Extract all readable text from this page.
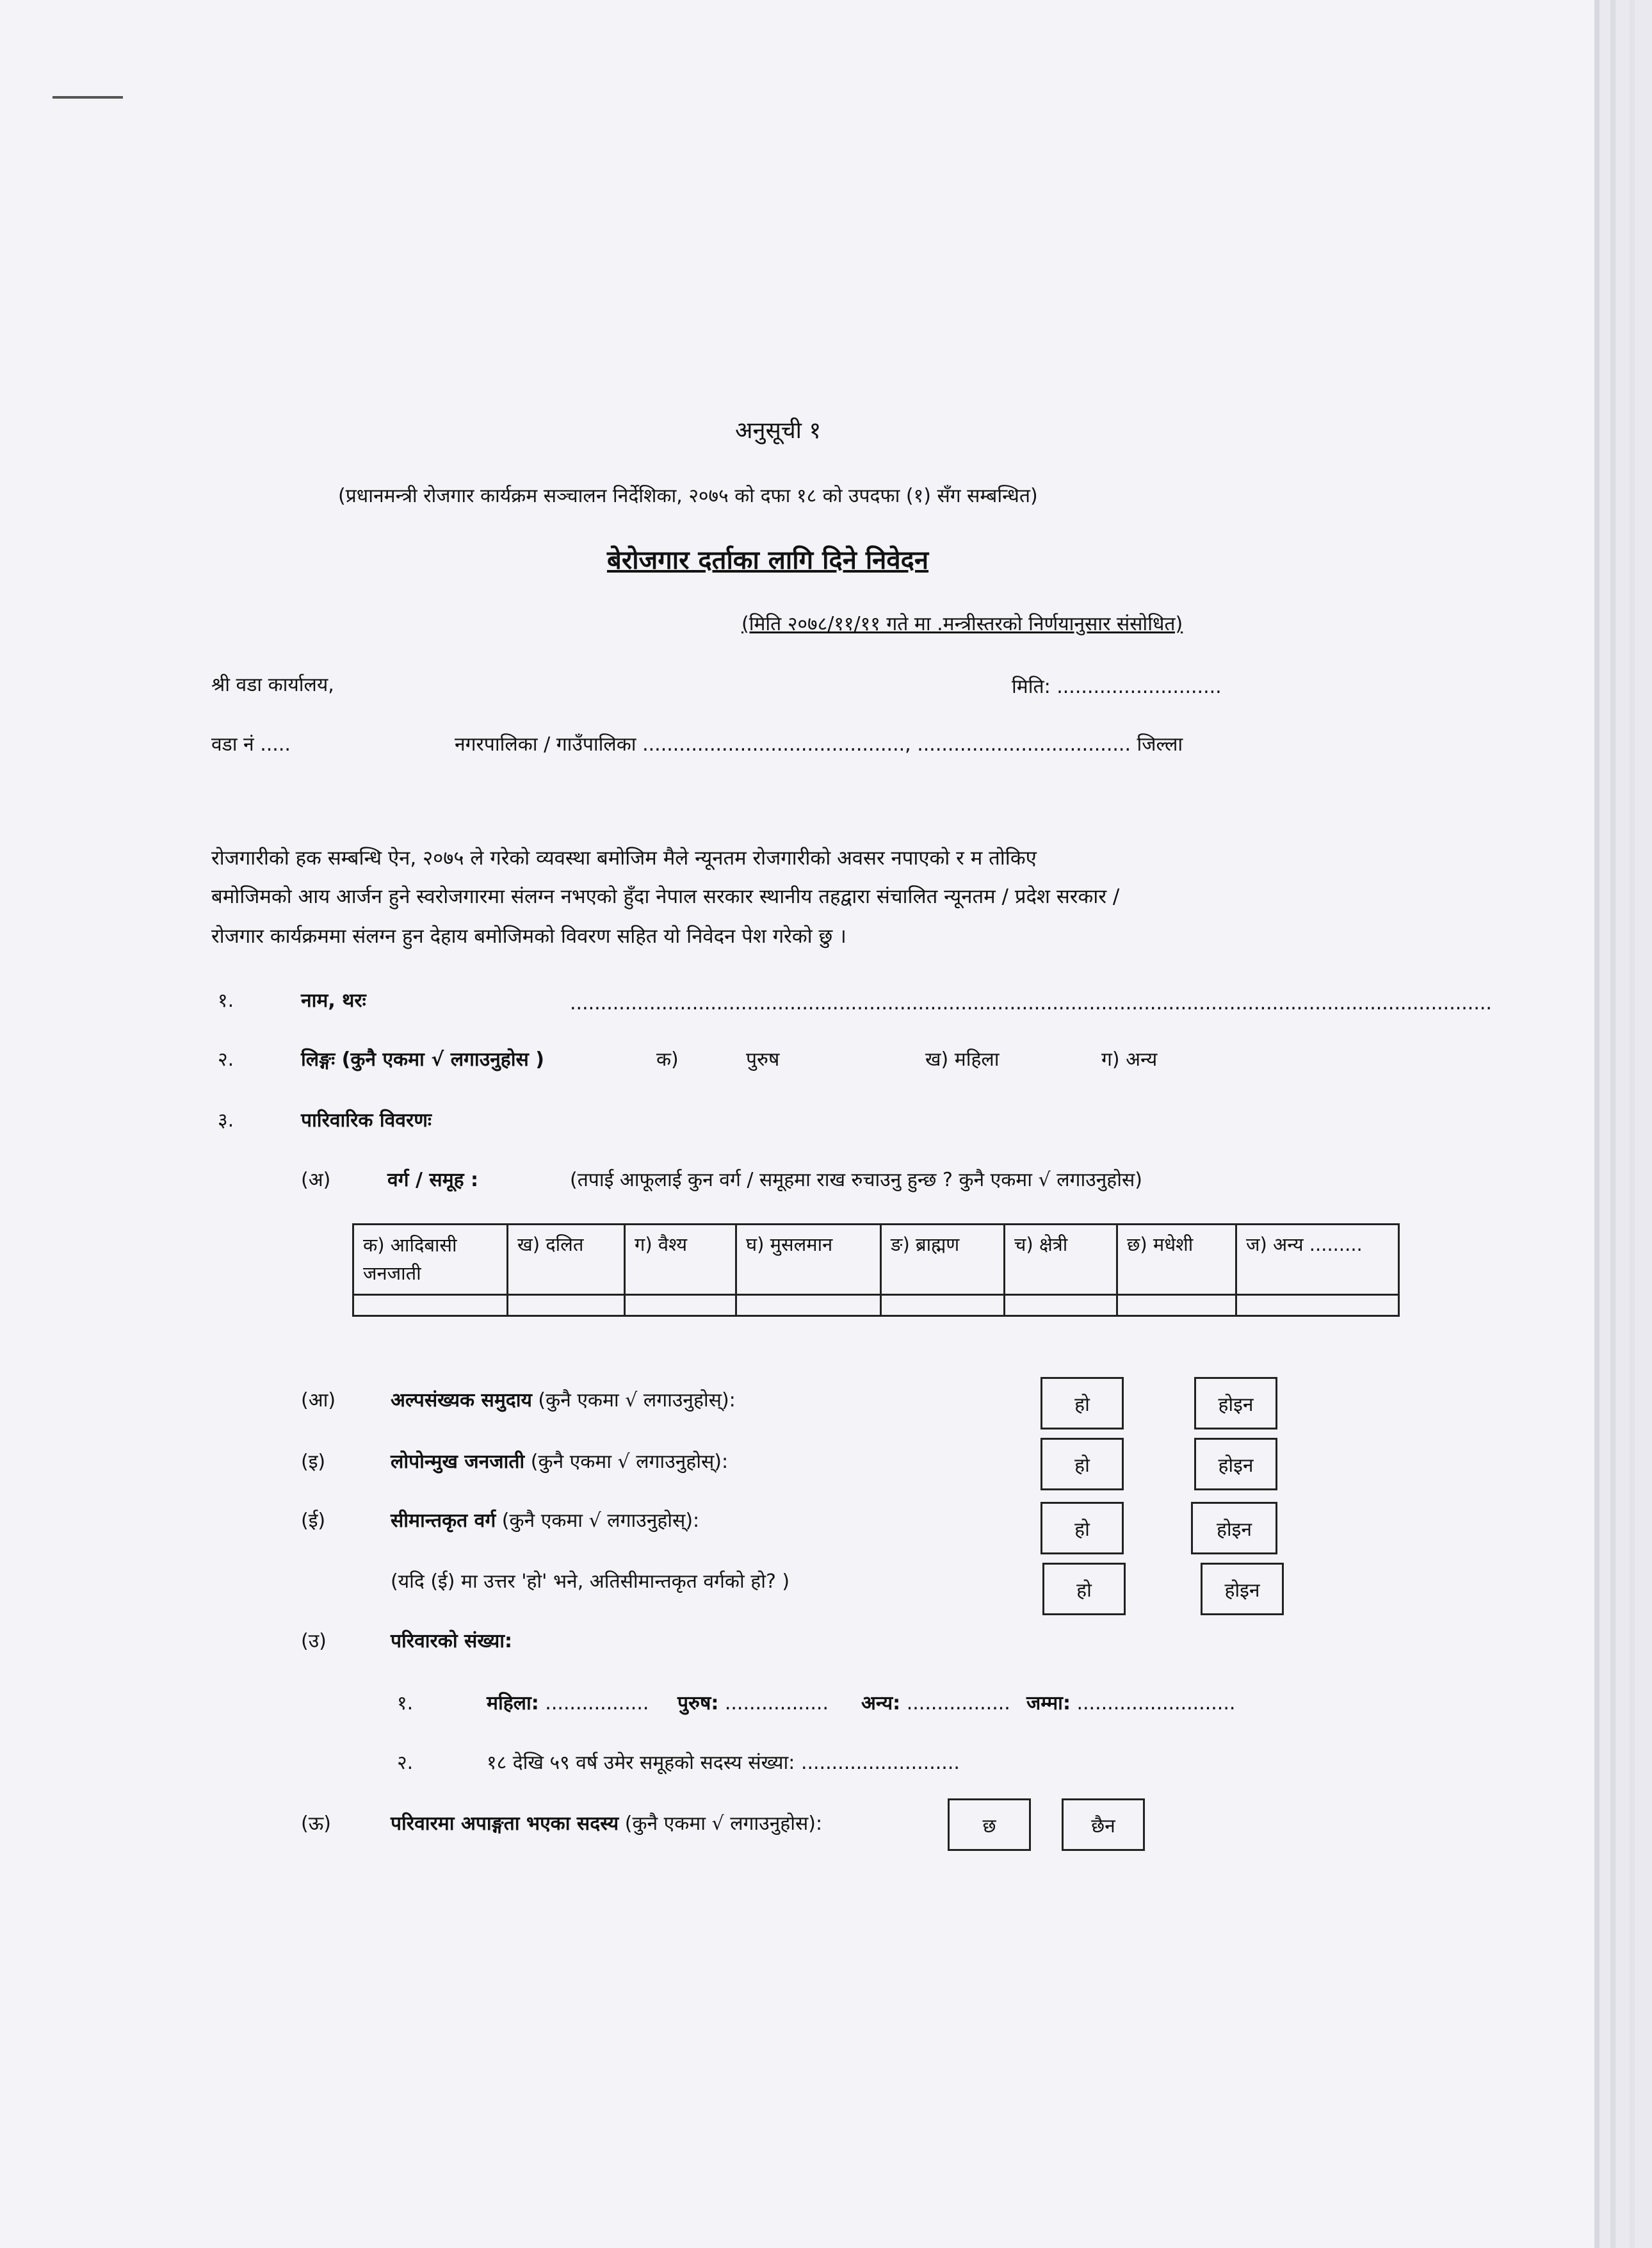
अनुसूची १
(प्रधानमन्त्री रोजगार कार्यक्रम सञ्चालन निर्देशिका, २०७५ को दफा १८ को उपदफा (१) सँग सम्बन्धित)
बेरोजगार दर्ताका लागि दिने निवेदन
(मिति २०७८/११/११ गते मा .मन्त्रीस्तरको निर्णयानुसार संसोधित)
श्री वडा कार्यालय,	मिति: ...........................
वडा नं .....	नगरपालिका / गाउँपालिका ..........................................., ................................... जिल्ला
रोजगारीको हक सम्बन्धि ऐन, २०७५ ले गरेको व्यवस्था बमोजिम मैले न्यूनतम रोजगारीको अवसर नपाएको र म तोकिए
बमोजिमको आय आर्जन हुने स्वरोजगारमा संलग्न नभएको हुँदा नेपाल सरकार स्थानीय तहद्वारा संचालित न्यूनतम / प्रदेश सरकार /
रोजगार कार्यक्रममा संलग्न हुन देहाय बमोजिमको विवरण सहित यो निवेदन पेश गरेको छु ।
१.	नाम, थरः	.......................................................................................................................................................
२.	लिङ्गः (कुनै एकमा √ लगाउनुहोस )	क)	पुरुष	ख) महिला	ग) अन्य
३.	पारिवारिक विवरणः
(अ)	वर्ग / समूह :	(तपाई आफूलाई कुन वर्ग / समूहमा राख रुचाउनु हुन्छ ? कुनै एकमा √ लगाउनुहोस)
क) आदिबासी जनजाती	ख) दलित	ग) वैश्य	घ) मुसलमान	ङ) ब्राह्मण	च) क्षेत्री	छ) मधेशी	ज) अन्य .........

(आ)	अल्पसंख्यक समुदाय (कुनै एकमा √ लगाउनुहोस्):	हो	होइन
(इ)	लोपोन्मुख जनजाती (कुनै एकमा √ लगाउनुहोस्):	हो	होइन
(ई)	सीमान्तकृत वर्ग (कुनै एकमा √ लगाउनुहोस्):	हो	होइन
(यदि (ई) मा उत्तर 'हो' भने, अतिसीमान्तकृत वर्गको हो? )	हो	होइन
(उ)	परिवारको संख्या:
१.	महिला: ................. पुरुष: ................. अन्य: ................. जम्मा: ..........................
२.	१८ देखि ५९ वर्ष उमेर समूहको सदस्य संख्या: ..........................
(ऊ)	परिवारमा अपाङ्गता भएका सदस्य (कुनै एकमा √ लगाउनुहोस):	छ	छैन
